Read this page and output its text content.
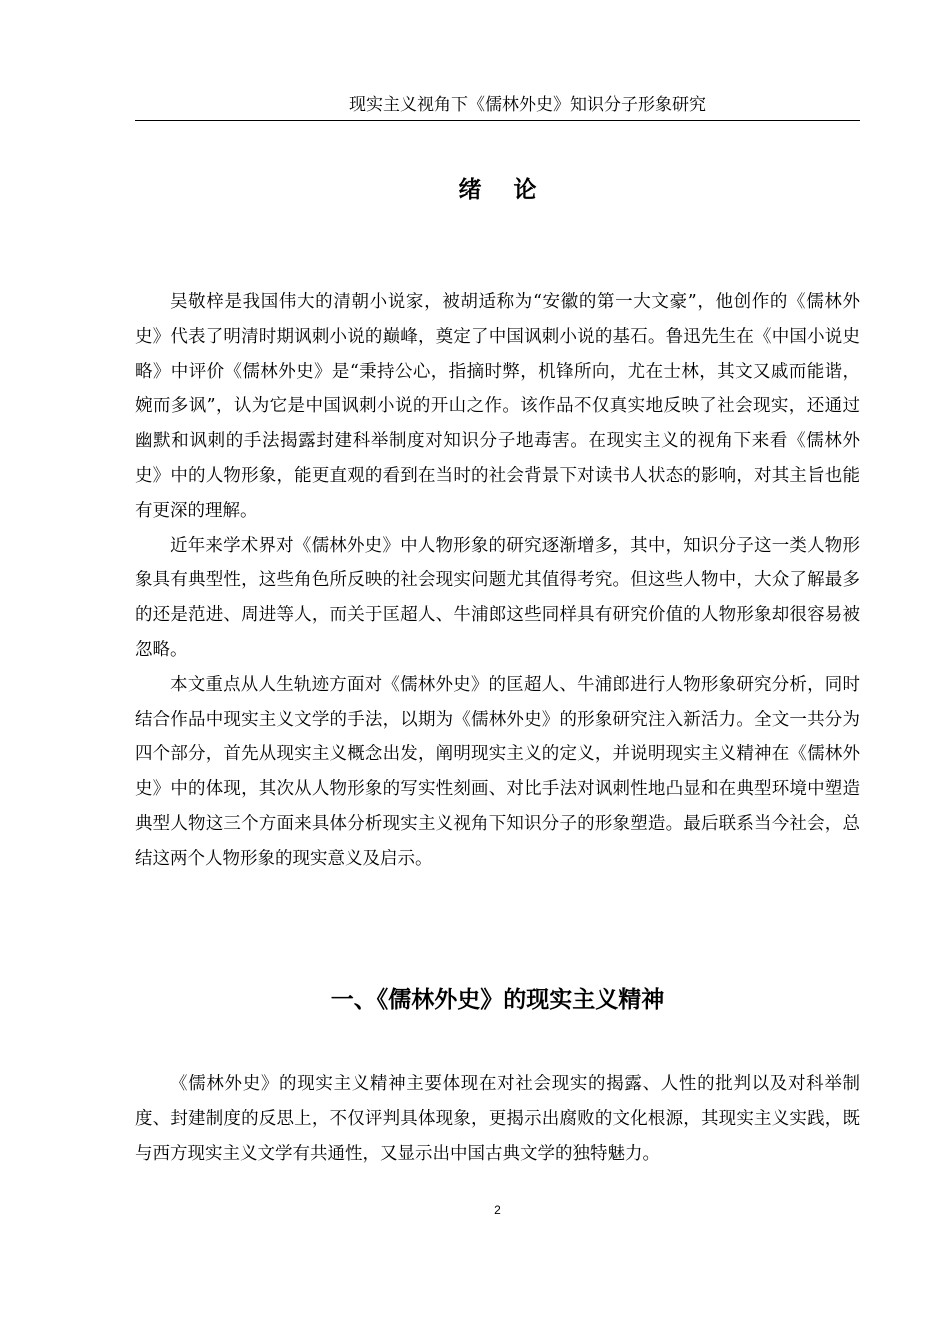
现实主义视角下《儒林外史》知识分子形象研究
绪 论

吴敬梓是我国伟大的清朝小说家，被胡适称为“安徽的第一大文豪”，他创作的《儒林外史》代表了明清时期讽刺小说的巅峰，奠定了中国讽刺小说的基石。鲁迅先生在《中国小说史略》中评价《儒林外史》是“秉持公心，指摘时弊，机锋所向，尤在士林，其文又戚而能谐，婉而多讽”，认为它是中国讽刺小说的开山之作。该作品不仅真实地反映了社会现实，还通过幽默和讽刺的手法揭露封建科举制度对知识分子地毒害。在现实主义的视角下来看《儒林外史》中的人物形象，能更直观的看到在当时的社会背景下对读书人状态的影响，对其主旨也能有更深的理解。

近年来学术界对《儒林外史》中人物形象的研究逐渐增多，其中，知识分子这一类人物形象具有典型性，这些角色所反映的社会现实问题尤其值得考究。但这些人物中，大众了解最多的还是范进、周进等人，而关于匡超人、牛浦郎这些同样具有研究价值的人物形象却很容易被忽略。

本文重点从人生轨迹方面对《儒林外史》的匡超人、牛浦郎进行人物形象研究分析，同时结合作品中现实主义文学的手法，以期为《儒林外史》的形象研究注入新活力。全文一共分为四个部分，首先从现实主义概念出发，阐明现实主义的定义，并说明现实主义精神在《儒林外史》中的体现，其次从人物形象的写实性刻画、对比手法对讽刺性地凸显和在典型环境中塑造典型人物这三个方面来具体分析现实主义视角下知识分子的形象塑造。最后联系当今社会，总结这两个人物形象的现实意义及启示。

一、《儒林外史》的现实主义精神

《儒林外史》的现实主义精神主要体现在对社会现实的揭露、人性的批判以及对科举制度、封建制度的反思上，不仅评判具体现象，更揭示出腐败的文化根源，其现实主义实践，既与西方现实主义文学有共通性，又显示出中国古典文学的独特魅力。

2
